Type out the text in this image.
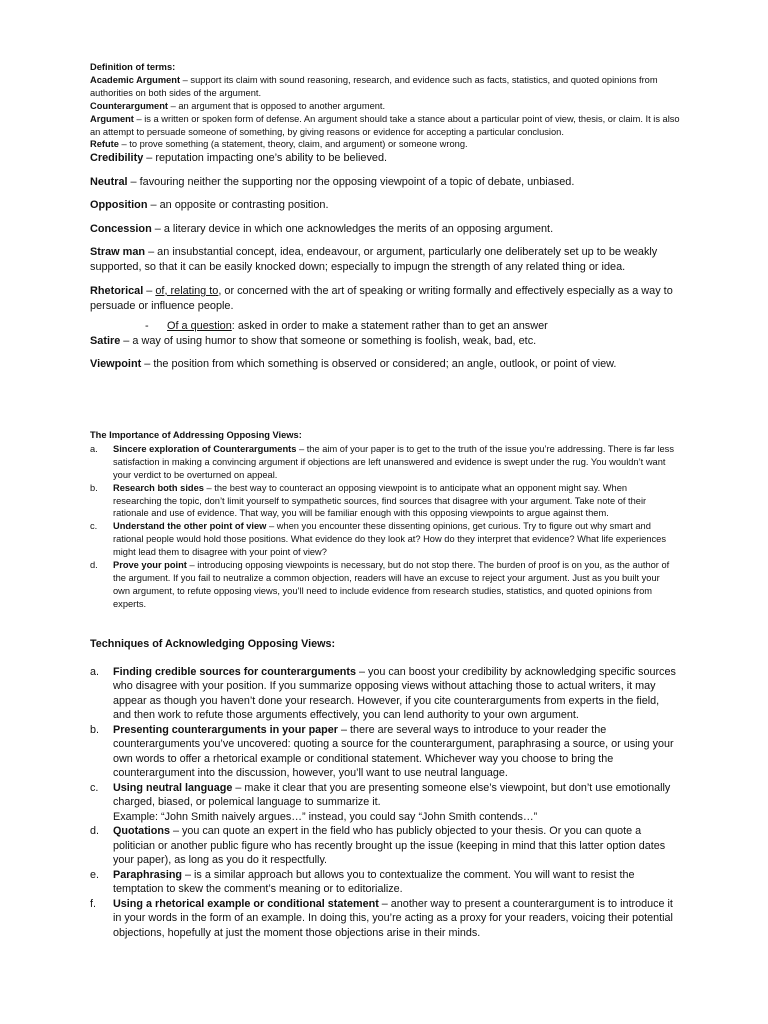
Definition of terms:

Academic Argument – support its claim with sound reasoning, research, and evidence such as facts, statistics, and quoted opinions from authorities on both sides of the argument.

Counterargument – an argument that is opposed to another argument.

Argument – is a written or spoken form of defense. An argument should take a stance about a particular point of view, thesis, or claim. It is also an attempt to persuade someone of something, by giving reasons or evidence for accepting a particular conclusion.

Refute – to prove something (a statement, theory, claim, and argument) or someone wrong.

Credibility – reputation impacting one’s ability to be believed.

Neutral – favouring neither the supporting nor the opposing viewpoint of a topic of debate, unbiased.

Opposition – an opposite or contrasting position.

Concession – a literary device in which one acknowledges the merits of an opposing argument.

Straw man – an insubstantial concept, idea, endeavour, or argument, particularly one deliberately set up to be weakly supported, so that it can be easily knocked down; especially to impugn the strength of any related thing or idea.

Rhetorical – of, relating to, or concerned with the art of speaking or writing formally and effectively especially as a way to persuade or influence people.

- Of a question: asked in order to make a statement rather than to get an answer

Satire – a way of using humor to show that someone or something is foolish, weak, bad, etc.

Viewpoint – the position from which something is observed or considered; an angle, outlook, or point of view.

The Importance of Addressing Opposing Views:
a. Sincere exploration of Counterarguments – the aim of your paper is to get to the truth of the issue you’re addressing. There is far less satisfaction in making a convincing argument if objections are left unanswered and evidence is swept under the rug. You wouldn’t want your verdict to be overturned on appeal.
b. Research both sides – the best way to counteract an opposing viewpoint is to anticipate what an opponent might say. When researching the topic, don’t limit yourself to sympathetic sources, find sources that disagree with your argument. Take note of their rationale and use of evidence. That way, you will be familiar enough with this opposing viewpoints to argue against them.
c. Understand the other point of view – when you encounter these dissenting opinions, get curious. Try to figure out why smart and rational people would hold those positions. What evidence do they look at? How do they interpret that evidence? What life experiences might lead them to disagree with your point of view?
d. Prove your point – introducing opposing viewpoints is necessary, but do not stop there. The burden of proof is on you, as the author of the argument. If you fail to neutralize a common objection, readers will have an excuse to reject your argument. Just as you built your own argument, to refute opposing views, you’ll need to include evidence from research studies, statistics, and quoted opinions from experts.
Techniques of Acknowledging Opposing Views:
a. Finding credible sources for counterarguments – you can boost your credibility by acknowledging specific sources who disagree with your position. If you summarize opposing views without attaching those to actual writers, it may appear as though you haven’t done your research. However, if you cite counterarguments from experts in the field, and then work to refute those arguments effectively, you can lend authority to your own argument.
b. Presenting counterarguments in your paper – there are several ways to introduce to your reader the counterarguments you’ve uncovered: quoting a source for the counterargument, paraphrasing a source, or using your own words to offer a rhetorical example or conditional statement. Whichever way you choose to bring the counterargument into the discussion, however, you’ll want to use neutral language.
c. Using neutral language – make it clear that you are presenting someone else’s viewpoint, but don’t use emotionally charged, biased, or polemical language to summarize it.
Example: “John Smith naively argues…” instead, you could say “John Smith contends…”
d. Quotations – you can quote an expert in the field who has publicly objected to your thesis. Or you can quote a politician or another public figure who has recently brought up the issue (keeping in mind that this latter option dates your paper), as long as you do it respectfully.
e. Paraphrasing – is a similar approach but allows you to contextualize the comment. You will want to resist the temptation to skew the comment’s meaning or to editorialize.
f. Using a rhetorical example or conditional statement – another way to present a counterargument is to introduce it in your words in the form of an example. In doing this, you’re acting as a proxy for your readers, voicing their potential objections, hopefully at just the moment those objections arise in their minds.
